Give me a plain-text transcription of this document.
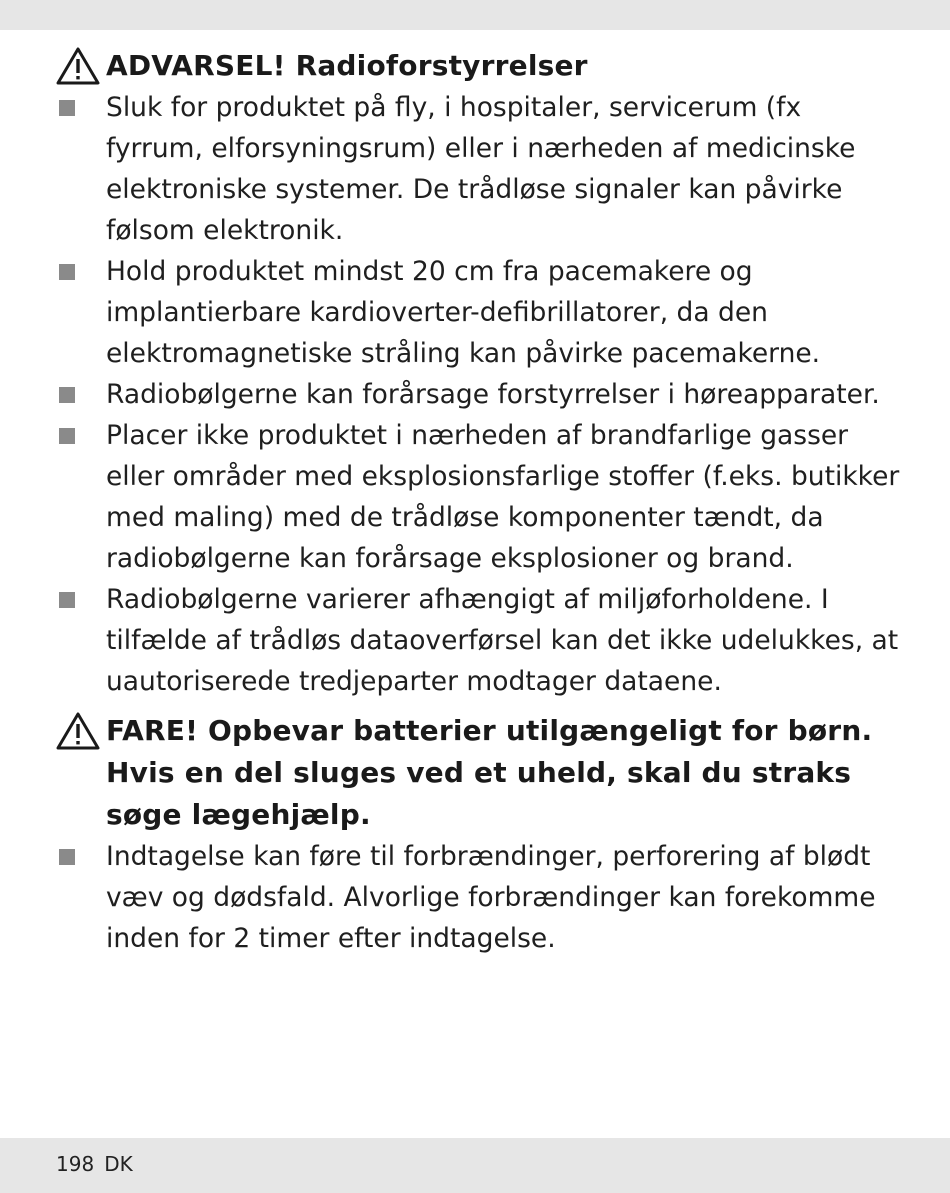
ADVARSEL! Radioforstyrrelser
Sluk for produktet på fly, i hospitaler, servicerum (fx
fyrrum, elforsyningsrum) eller i nærheden af medicinske
elektroniske systemer. De trådløse signaler kan påvirke
følsom elektronik.
Hold produktet mindst 20 cm fra pacemakere og
implantierbare kardioverter-defibrillatorer, da den
elektromagnetiske stråling kan påvirke pacemakerne.
Radiobølgerne kan forårsage forstyrrelser i høreapparater.
Placer ikke produktet i nærheden af brandfarlige gasser
eller områder med eksplosionsfarlige stoffer (f.eks. butikker
med maling) med de trådløse komponenter tændt, da
radiobølgerne kan forårsage eksplosioner og brand.
Radiobølgerne varierer afhængigt af miljøforholdene. I
tilfælde af trådløs dataoverførsel kan det ikke udelukkes, at
uautoriserede tredjeparter modtager dataene.
FARE! Opbevar batterier utilgængeligt for børn.
Hvis en del sluges ved et uheld, skal du straks
søge lægehjælp.
Indtagelse kan føre til forbrændinger, perforering af blødt
væv og dødsfald. Alvorlige forbrændinger kan forekomme
inden for 2 timer efter indtagelse.
198 DK
